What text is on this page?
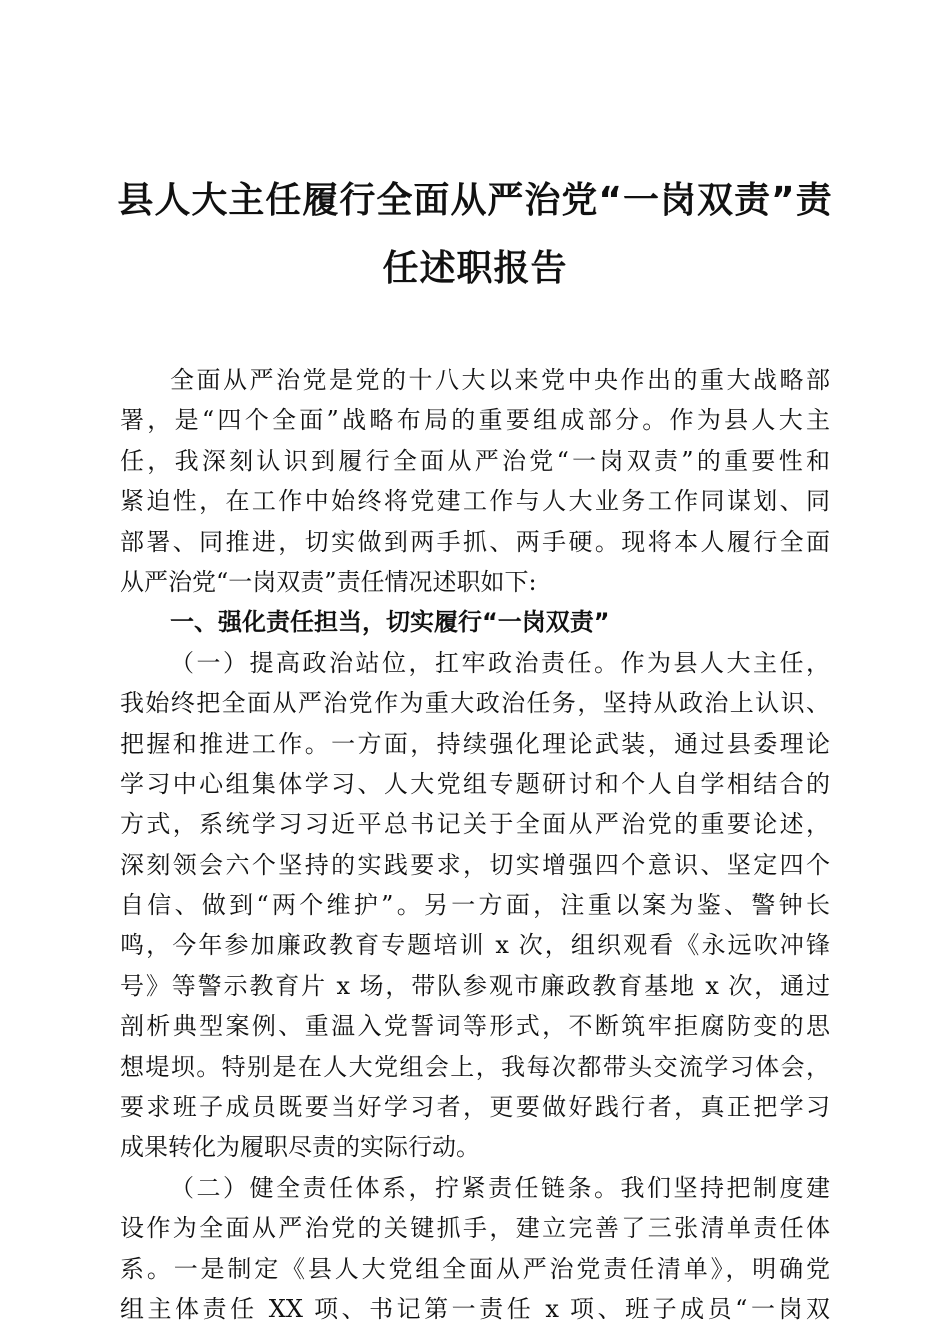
县人大主任履行全面从严治党“一岗双责”责
任述职报告

全面从严治党是党的十八大以来党中央作出的重大战略部

署，是“四个全面”战略布局的重要组成部分。作为县人大主

任，我深刻认识到履行全面从严治党“一岗双责”的重要性和

紧迫性，在工作中始终将党建工作与人大业务工作同谋划、同

部署、同推进，切实做到两手抓、两手硬。现将本人履行全面

从严治党“一岗双责”责任情况述职如下:

一、强化责任担当，切实履行“一岗双责”

（一）提高政治站位，扛牢政治责任。作为县人大主任，

我始终把全面从严治党作为重大政治任务，坚持从政治上认识、

把握和推进工作。一方面，持续强化理论武装，通过县委理论

学习中心组集体学习、人大党组专题研讨和个人自学相结合的

方式，系统学习习近平总书记关于全面从严治党的重要论述，

深刻领会六个坚持的实践要求，切实增强四个意识、坚定四个

自信、做到“两个维护”。另一方面，注重以案为鉴、警钟长

鸣，今年参加廉政教育专题培训 x 次，组织观看《永远吹冲锋

号》等警示教育片 x 场，带队参观市廉政教育基地 x 次，通过

剖析典型案例、重温入党誓词等形式，不断筑牢拒腐防变的思

想堤坝。特别是在人大党组会上，我每次都带头交流学习体会，

要求班子成员既要当好学习者，更要做好践行者，真正把学习

成果转化为履职尽责的实际行动。

（二）健全责任体系，拧紧责任链条。我们坚持把制度建

设作为全面从严治党的关键抓手，建立完善了三张清单责任体

系。一是制定《县人大党组全面从严治党责任清单》，明确党

组主体责任 XX 项、书记第一责任 x 项、班子成员“一岗双
